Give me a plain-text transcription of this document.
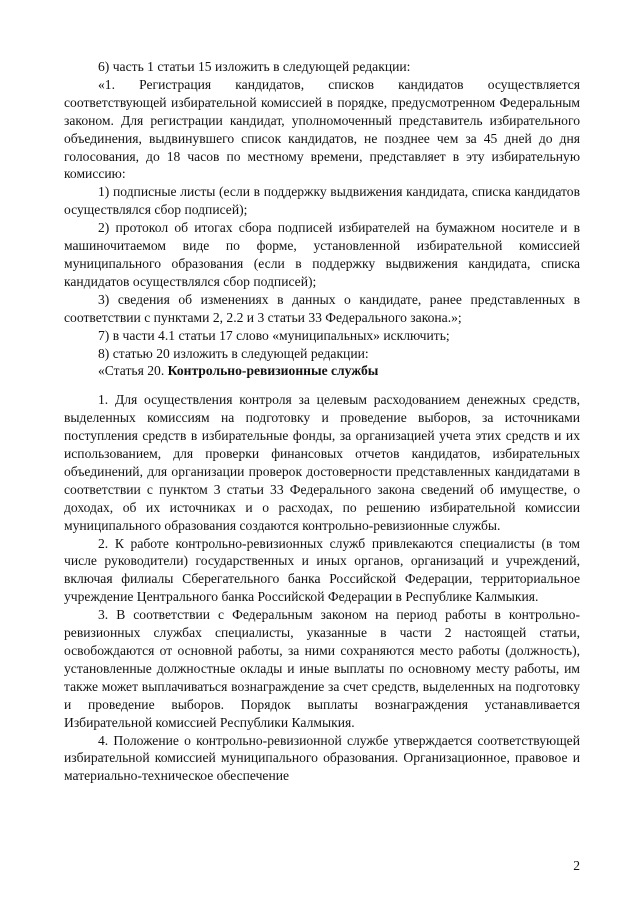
6) часть 1 статьи 15 изложить в следующей редакции:

«1. Регистрация кандидатов, списков кандидатов осуществляется соответствующей избирательной комиссией в порядке, предусмотренном Федеральным законом. Для регистрации кандидат, уполномоченный представитель избирательного объединения, выдвинувшего список кандидатов, не позднее чем за 45 дней до дня голосования, до 18 часов по местному времени, представляет в эту избирательную комиссию:

1) подписные листы (если в поддержку выдвижения кандидата, списка кандидатов осуществлялся сбор подписей);

2) протокол об итогах сбора подписей избирателей на бумажном носителе и в машиночитаемом виде по форме, установленной избирательной комиссией муниципального образования (если в поддержку выдвижения кандидата, списка кандидатов осуществлялся сбор подписей);

3) сведения об изменениях в данных о кандидате, ранее представленных в соответствии с пунктами 2, 2.2 и 3 статьи 33 Федерального закона.»;

7) в части 4.1 статьи 17 слово «муниципальных» исключить;

8) статью 20 изложить в следующей редакции:

«Статья 20. Контрольно-ревизионные службы

1. Для осуществления контроля за целевым расходованием денежных средств, выделенных комиссиям на подготовку и проведение выборов, за источниками поступления средств в избирательные фонды, за организацией учета этих средств и их использованием, для проверки финансовых отчетов кандидатов, избирательных объединений, для организации проверок достоверности представленных кандидатами в соответствии с пунктом 3 статьи 33 Федерального закона сведений об имуществе, о доходах, об их источниках и о расходах, по решению избирательной комиссии муниципального образования создаются контрольно-ревизионные службы.

2. К работе контрольно-ревизионных служб привлекаются специалисты (в том числе руководители) государственных и иных органов, организаций и учреждений, включая филиалы Сберегательного банка Российской Федерации, территориальное учреждение Центрального банка Российской Федерации в Республике Калмыкия.

3. В соответствии с Федеральным законом на период работы в контрольно-ревизионных службах специалисты, указанные в части 2 настоящей статьи, освобождаются от основной работы, за ними сохраняются место работы (должность), установленные должностные оклады и иные выплаты по основному месту работы, им также может выплачиваться вознаграждение за счет средств, выделенных на подготовку и проведение выборов. Порядок выплаты вознаграждения устанавливается Избирательной комиссией Республики Калмыкия.

4. Положение о контрольно-ревизионной службе утверждается соответствующей избирательной комиссией муниципального образования. Организационное, правовое и материально-техническое обеспечение

2
